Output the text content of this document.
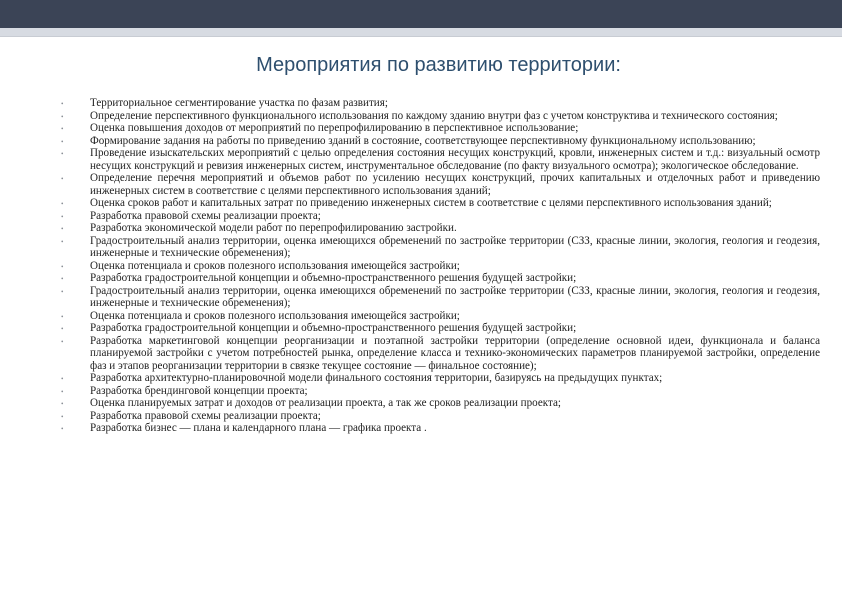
Мероприятия по развитию территории:
• Территориальное сегментирование участка по фазам развития;
• Определение перспективного функционального использования по каждому зданию внутри фаз с учетом конструктива и технического состояния;
• Оценка повышения доходов от мероприятий по перепрофилированию в перспективное использование;
• Формирование задания на работы по приведению зданий в состояние, соответствующее перспективному функциональному использованию;
• Проведение изыскательских мероприятий с целью определения состояния несущих конструкций, кровли, инженерных систем и т.д.: визуальный осмотр несущих конструкций и ревизия инженерных систем, инструментальное обследование (по факту визуального осмотра); экологическое обследование.
• Определение перечня мероприятий и объемов работ по усилению несущих конструкций, прочих капитальных и отделочных работ и приведению инженерных систем в соответствие с целями перспективного использования зданий;
• Оценка сроков работ и капитальных затрат по приведению инженерных систем в соответствие с целями перспективного использования зданий;
• Разработка правовой схемы реализации проекта;
• Разработка экономической модели работ по перепрофилированию застройки.
• Градостроительный анализ территории, оценка имеющихся обременений по застройке территории (СЗЗ, красные линии, экология, геология и геодезия, инженерные и технические обременения);
• Оценка потенциала и сроков полезного использования имеющейся застройки;
• Разработка градостроительной концепции и объемно-пространственного решения будущей застройки;
• Градостроительный анализ территории, оценка имеющихся обременений по застройке территории (СЗЗ, красные линии, экология, геология и геодезия, инженерные и технические обременения);
• Оценка потенциала и сроков полезного использования имеющейся застройки;
• Разработка градостроительной концепции и объемно-пространственного решения будущей застройки;
• Разработка маркетинговой концепции реорганизации и поэтапной застройки территории (определение основной идеи, функционала и баланса планируемой застройки с учетом потребностей рынка, определение класса и технико-экономических параметров планируемой застройки, определение фаз и этапов реорганизации территории в связке текущее состояние — финальное состояние);
• Разработка архитектурно-планировочной модели финального состояния территории, базируясь на предыдущих пунктах;
• Разработка брендинговой концепции проекта;
• Оценка планируемых затрат и доходов от реализации проекта, а так же сроков реализации проекта;
• Разработка правовой схемы реализации проекта;
• Разработка бизнес — плана и календарного плана — графика проекта .
